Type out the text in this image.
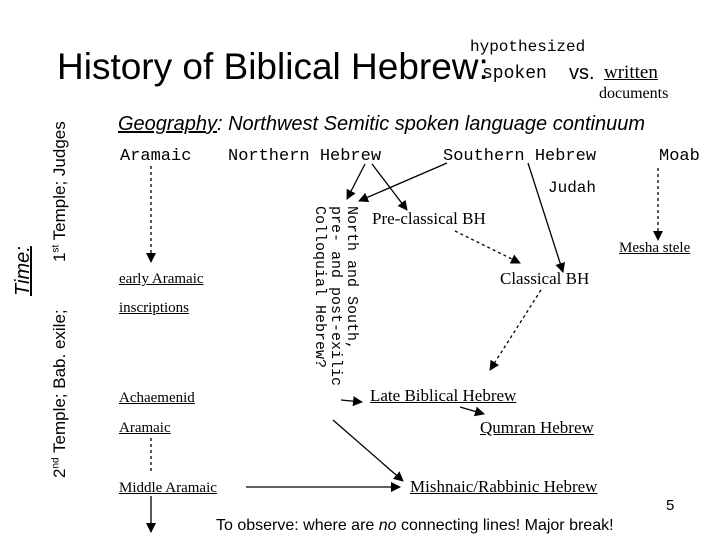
History of Biblical Hebrew:
hypothesized
spoken vs. written
documents
Time: 1st Temple; Judges
2nd Temple; Bab. exile;
Geography: Northwest Semitic spoken language continuum
Aramaic Northern Hebrew	Southern Hebrew	Moab
Judah
early Aramaic
inscriptions
Achaemenid
Aramaic
Middle Aramaic
North and South,
pre- and post-exilic
Colloquial Hebrew?	Pre-classical BH
Mesha stele
Classical BH
Late Biblical Hebrew
Qumran Hebrew
Mishnaic/Rabbinic Hebrew
To observe: where are no connecting lines! Major break!
5
